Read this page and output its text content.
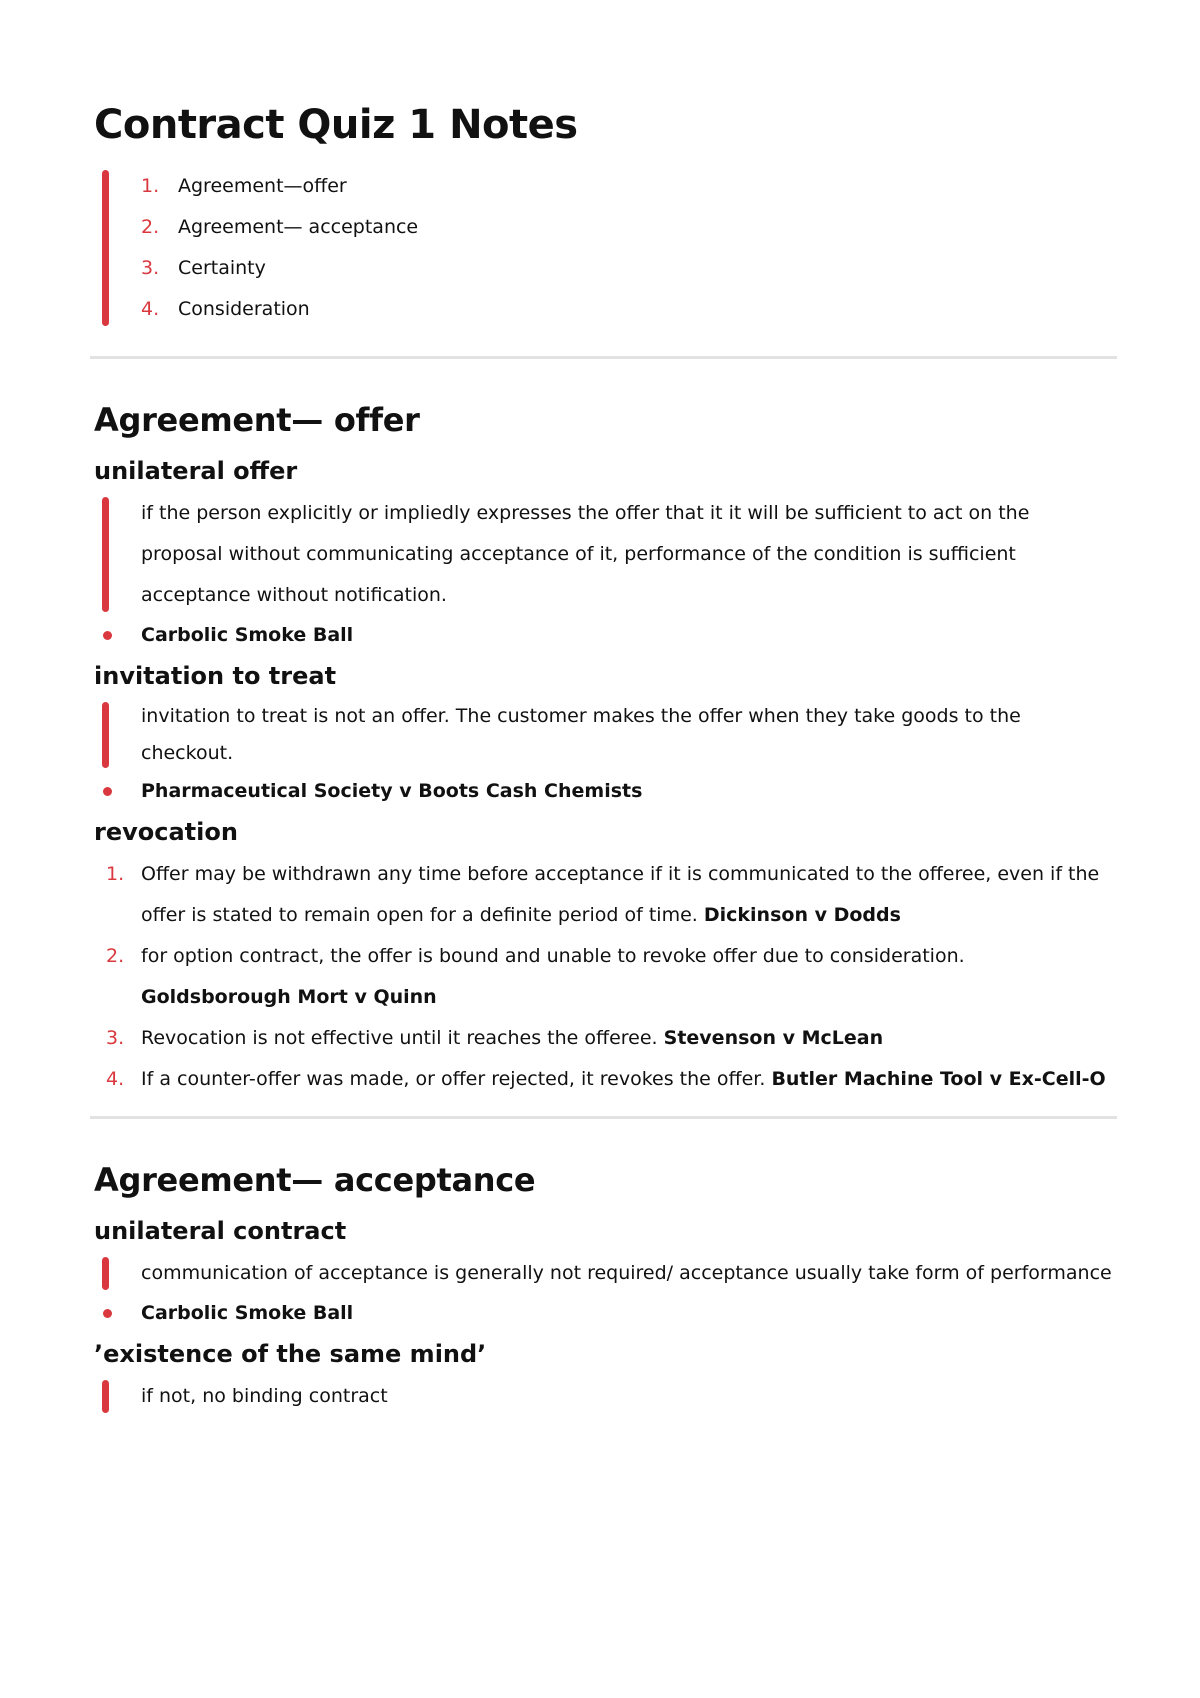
Contract Quiz 1 Notes
1. Agreement—offer
2. Agreement— acceptance
3. Certainty
4. Consideration
Agreement— offer
unilateral offer
if the person explicitly or impliedly expresses the offer that it it will be sufficient to act on the proposal without communicating acceptance of it, performance of the condition is sufficient acceptance without notification.
Carbolic Smoke Ball
invitation to treat
invitation to treat is not an offer. The customer makes the offer when they take goods to the checkout.
Pharmaceutical Society v Boots Cash Chemists
revocation
1. Offer may be withdrawn any time before acceptance if it is communicated to the offeree, even if the offer is stated to remain open for a definite period of time. Dickinson v Dodds
2. for option contract, the offer is bound and unable to revoke offer due to consideration. Goldsborough Mort v Quinn
3. Revocation is not effective until it reaches the offeree. Stevenson v McLean
4. If a counter-offer was made, or offer rejected, it revokes the offer. Butler Machine Tool v Ex-Cell-O
Agreement— acceptance
unilateral contract
communication of acceptance is generally not required/ acceptance usually take form of performance
Carbolic Smoke Ball
’existence of the same mind’
if not, no binding contract
